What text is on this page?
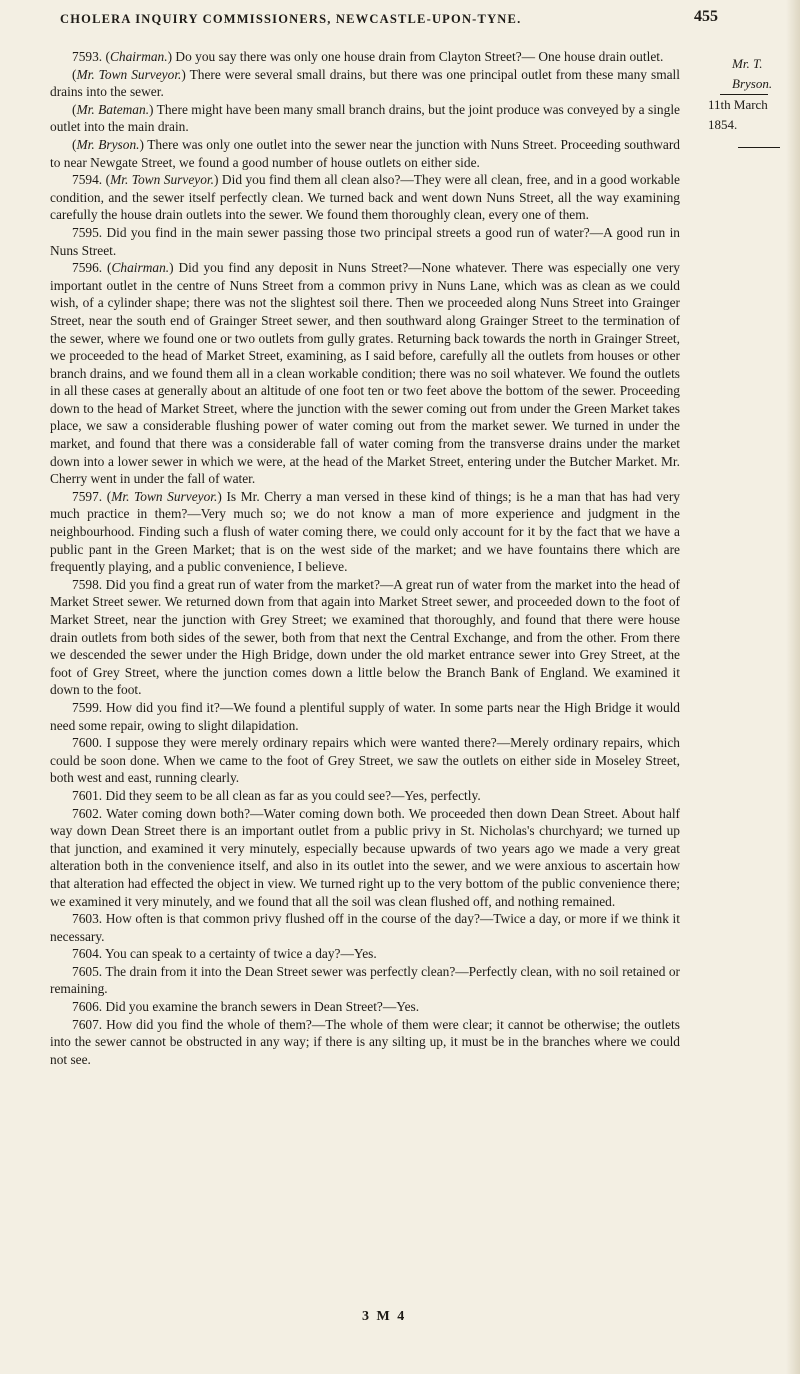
CHOLERA INQUIRY COMMISSIONERS, NEWCASTLE-UPON-TYNE.	455
Mr. T. Bryson.
11th March 1854.

7593. (Chairman.) Do you say there was only one house drain from Clayton Street?— One house drain outlet.

(Mr. Town Surveyor.) There were several small drains, but there was one principal outlet from these many small drains into the sewer.

(Mr. Bateman.) There might have been many small branch drains, but the joint produce was conveyed by a single outlet into the main drain.

(Mr. Bryson.) There was only one outlet into the sewer near the junction with Nuns Street. Proceeding southward to near Newgate Street, we found a good number of house outlets on either side.

7594. (Mr. Town Surveyor.) Did you find them all clean also?—They were all clean, free, and in a good workable condition, and the sewer itself perfectly clean. We turned back and went down Nuns Street, all the way examining carefully the house drain outlets into the sewer. We found them thoroughly clean, every one of them.

7595. Did you find in the main sewer passing those two principal streets a good run of water?—A good run in Nuns Street.

7596. (Chairman.) Did you find any deposit in Nuns Street?—None whatever. There was especially one very important outlet in the centre of Nuns Street from a common privy in Nuns Lane, which was as clean as we could wish, of a cylinder shape; there was not the slightest soil there. Then we proceeded along Nuns Street into Grainger Street, near the south end of Grainger Street sewer, and then southward along Grainger Street to the termination of the sewer, where we found one or two outlets from gully grates. Returning back towards the north in Grainger Street, we proceeded to the head of Market Street, examining, as I said before, carefully all the outlets from houses or other branch drains, and we found them all in a clean workable condition; there was no soil whatever. We found the outlets in all these cases at generally about an altitude of one foot ten or two feet above the bottom of the sewer. Proceeding down to the head of Market Street, where the junction with the sewer coming out from under the Green Market takes place, we saw a considerable flushing power of water coming out from the market sewer. We turned in under the market, and found that there was a considerable fall of water coming from the transverse drains under the market down into a lower sewer in which we were, at the head of the Market Street, entering under the Butcher Market. Mr. Cherry went in under the fall of water.

7597. (Mr. Town Surveyor.) Is Mr. Cherry a man versed in these kind of things; is he a man that has had very much practice in them?—Very much so; we do not know a man of more experience and judgment in the neighbourhood. Finding such a flush of water coming there, we could only account for it by the fact that we have a public pant in the Green Market; that is on the west side of the market; and we have fountains there which are frequently playing, and a public convenience, I believe.

7598. Did you find a great run of water from the market?—A great run of water from the market into the head of Market Street sewer. We returned down from that again into Market Street sewer, and proceeded down to the foot of Market Street, near the junction with Grey Street; we examined that thoroughly, and found that there were house drain outlets from both sides of the sewer, both from that next the Central Exchange, and from the other. From there we descended the sewer under the High Bridge, down under the old market entrance sewer into Grey Street, at the foot of Grey Street, where the junction comes down a little below the Branch Bank of England. We examined it down to the foot.

7599. How did you find it?—We found a plentiful supply of water. In some parts near the High Bridge it would need some repair, owing to slight dilapidation.

7600. I suppose they were merely ordinary repairs which were wanted there?—Merely ordinary repairs, which could be soon done. When we came to the foot of Grey Street, we saw the outlets on either side in Moseley Street, both west and east, running clearly.

7601. Did they seem to be all clean as far as you could see?—Yes, perfectly.

7602. Water coming down both?—Water coming down both. We proceeded then down Dean Street. About half way down Dean Street there is an important outlet from a public privy in St. Nicholas's churchyard; we turned up that junction, and examined it very minutely, especially because upwards of two years ago we made a very great alteration both in the convenience itself, and also in its outlet into the sewer, and we were anxious to ascertain how that alteration had effected the object in view. We turned right up to the very bottom of the public convenience there; we examined it very minutely, and we found that all the soil was clean flushed off, and nothing remained.

7603. How often is that common privy flushed off in the course of the day?—Twice a day, or more if we think it necessary.

7604. You can speak to a certainty of twice a day?—Yes.

7605. The drain from it into the Dean Street sewer was perfectly clean?—Perfectly clean, with no soil retained or remaining.

7606. Did you examine the branch sewers in Dean Street?—Yes.

7607. How did you find the whole of them?—The whole of them were clear; it cannot be otherwise; the outlets into the sewer cannot be obstructed in any way; if there is any silting up, it must be in the branches where we could not see.

3 M 4
